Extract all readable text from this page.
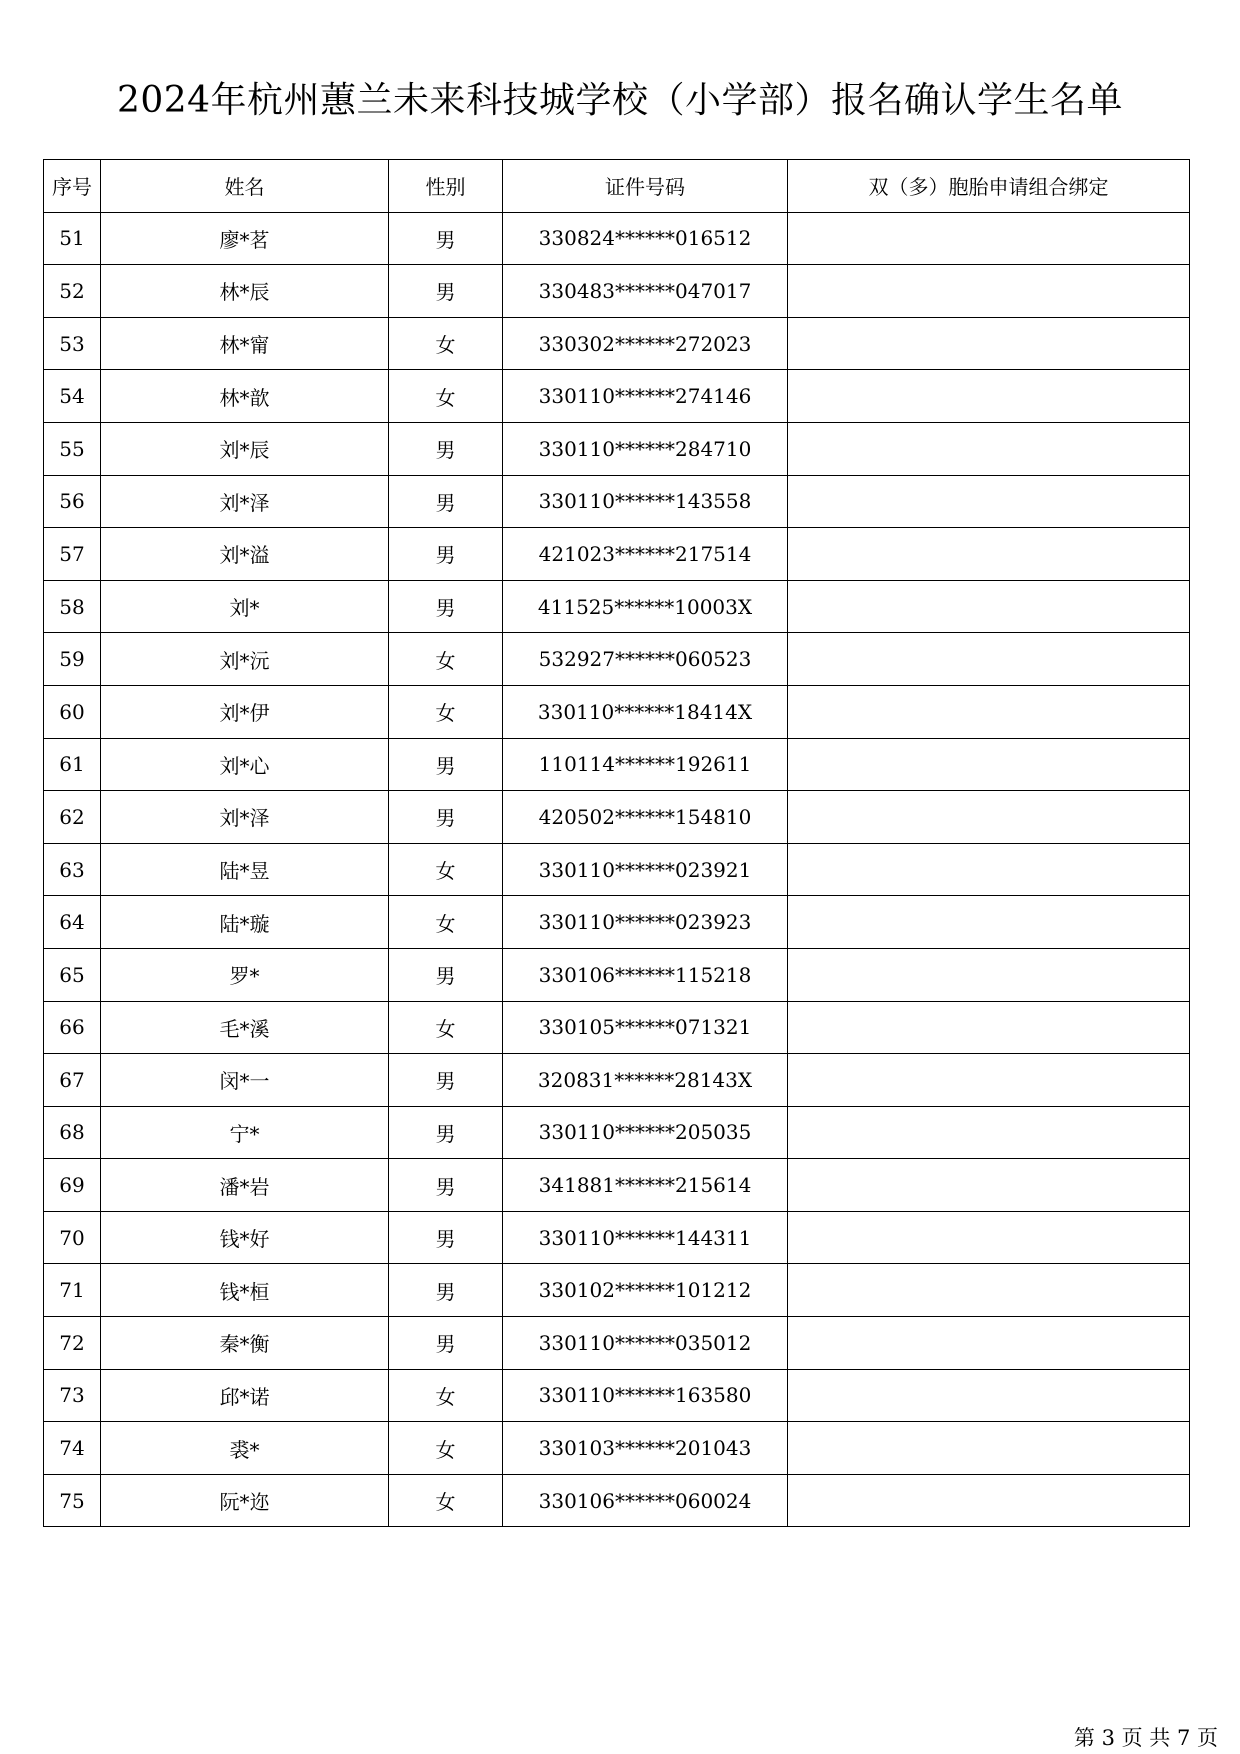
2024年杭州蕙兰未来科技城学校（小学部）报名确认学生名单
序号	姓名	性别	证件号码	双（多）胞胎申请组合绑定
51	廖*茗	男	330824******016512	
52	林*辰	男	330483******047017	
53	林*甯	女	330302******272023	
54	林*歆	女	330110******274146	
55	刘*辰	男	330110******284710	
56	刘*泽	男	330110******143558	
57	刘*溢	男	421023******217514	
58	刘*	男	411525******10003X	
59	刘*沅	女	532927******060523	
60	刘*伊	女	330110******18414X	
61	刘*心	男	110114******192611	
62	刘*泽	男	420502******154810	
63	陆*昱	女	330110******023921	
64	陆*璇	女	330110******023923	
65	罗*	男	330106******115218	
66	毛*溪	女	330105******071321	
67	闵*一	男	320831******28143X	
68	宁*	男	330110******205035	
69	潘*岩	男	341881******215614	
70	钱*好	男	330110******144311	
71	钱*桓	男	330102******101212	
72	秦*衡	男	330110******035012	
73	邱*诺	女	330110******163580	
74	裘*	女	330103******201043	
75	阮*迩	女	330106******060024	
第 3 页 共 7 页
